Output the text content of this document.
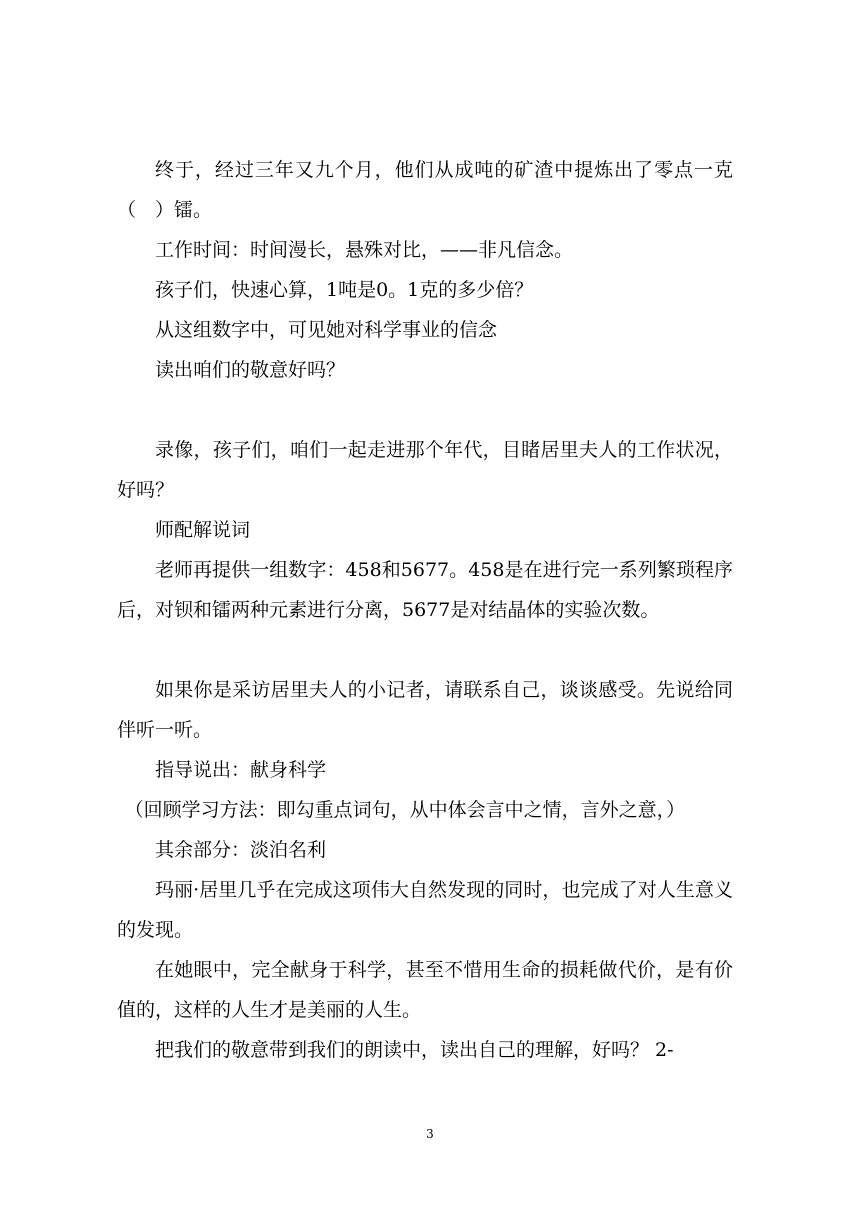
终于，经过三年又九个月，他们从成吨的矿渣中提炼出了零点一克（　）镭。

工作时间：时间漫长，悬殊对比，——非凡信念。

孩子们，快速心算，1吨是0。1克的多少倍？

从这组数字中，可见她对科学事业的信念

读出咱们的敬意好吗？

录像，孩子们，咱们一起走进那个年代，目睹居里夫人的工作状况，好吗？

师配解说词

老师再提供一组数字：458和5677。458是在进行完一系列繁琐程序后，对钡和镭两种元素进行分离，5677是对结晶体的实验次数。

如果你是采访居里夫人的小记者，请联系自己，谈谈感受。先说给同伴听一听。

指导说出：献身科学

（回顾学习方法：即勾重点词句，从中体会言中之情，言外之意，）

其余部分：淡泊名利

玛丽·居里几乎在完成这项伟大自然发现的同时，也完成了对人生意义的发现。

在她眼中，完全献身于科学，甚至不惜用生命的损耗做代价，是有价值的，这样的人生才是美丽的人生。

把我们的敬意带到我们的朗读中，读出自己的理解，好吗？ 2-

3
